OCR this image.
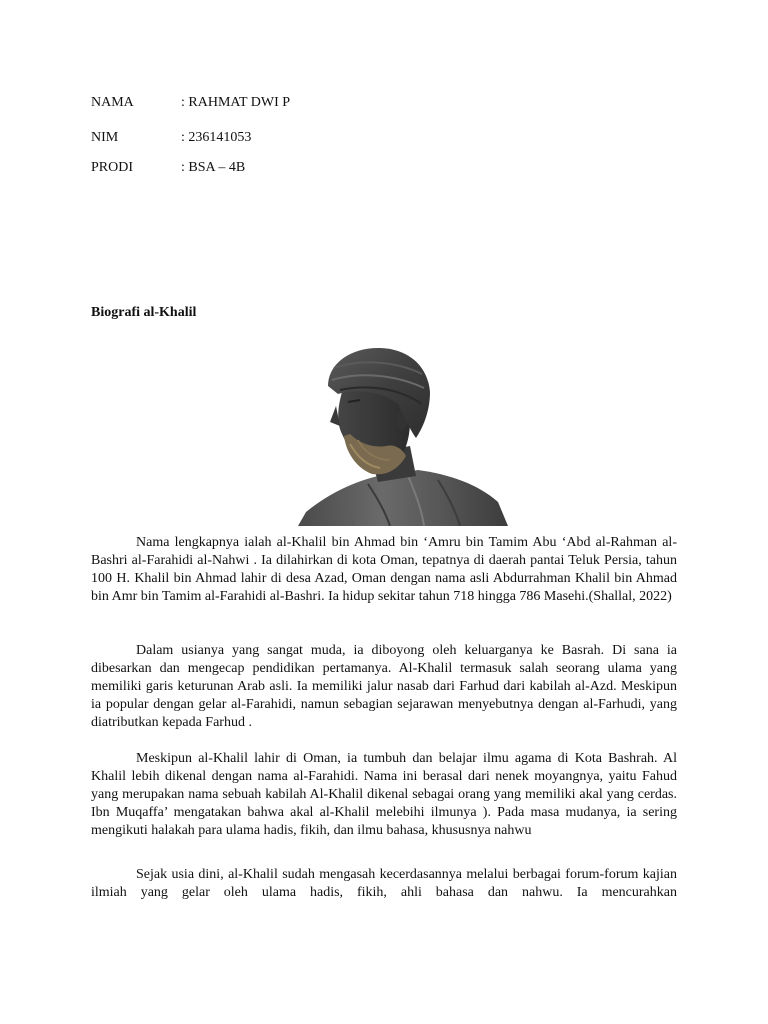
NAMA	: RAHMAT DWI P
NIM	: 236141053
PRODI	: BSA – 4B
Biografi al-Khalil

Nama lengkapnya ialah al-Khalil bin Ahmad bin ‘Amru bin Tamim Abu ‘Abd al-Rahman al-Bashri al-Farahidi al-Nahwi . Ia dilahirkan di kota Oman, tepatnya di daerah pantai Teluk Persia, tahun 100 H. Khalil bin Ahmad lahir di desa Azad, Oman dengan nama asli Abdurrahman Khalil bin Ahmad bin Amr bin Tamim al-Farahidi al-Bashri. Ia hidup sekitar tahun 718 hingga 786 Masehi.(Shallal, 2022)

Dalam usianya yang sangat muda, ia diboyong oleh keluarganya ke Basrah. Di sana ia dibesarkan dan mengecap pendidikan pertamanya. Al-Khalil termasuk salah seorang ulama yang memiliki garis keturunan Arab asli. Ia memiliki jalur nasab dari Farhud dari kabilah al-Azd. Meskipun ia popular dengan gelar al-Farahidi, namun sebagian sejarawan menyebutnya dengan al-Farhudi, yang diatributkan kepada Farhud .

Meskipun al-Khalil lahir di Oman, ia tumbuh dan belajar ilmu agama di Kota Bashrah. Al Khalil lebih dikenal dengan nama al-Farahidi. Nama ini berasal dari nenek moyangnya, yaitu Fahud yang merupakan nama sebuah kabilah Al-Khalil dikenal sebagai orang yang memiliki akal yang cerdas. Ibn Muqaffa’ mengatakan bahwa akal al-Khalil melebihi ilmunya ). Pada masa mudanya, ia sering mengikuti halakah para ulama hadis, fikih, dan ilmu bahasa, khususnya nahwu

Sejak usia dini, al-Khalil sudah mengasah kecerdasannya melalui berbagai forum-forum kajian ilmiah yang gelar oleh ulama hadis, fikih, ahli bahasa dan nahwu. Ia mencurahkan
